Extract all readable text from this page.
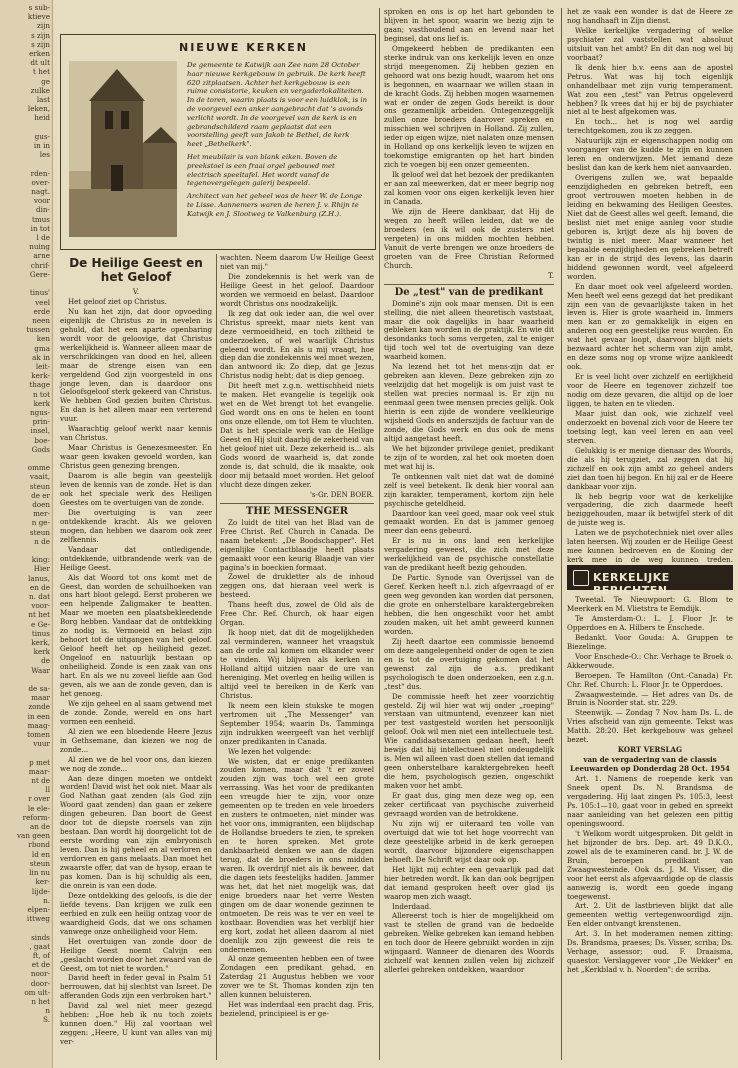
s sub-
ktieve
zijn
s zijn
s zijn
erken
dt ult
t het
ge
zulke
last
leken,
heid

gus-
in in
les

rden-
over-
nagt.
voor
din-
tmus
in tot
l de
nuing
arne
chrif-
Gere-

tinus'
veel
erde
neen
tussen
ken
gma
ak in
leit-
kerk-
thage
n tot
kerk
ngus-
prin-
insel,
boe-
Gods

omme
vaait,
steun
de er
doen
mer-
n ge-
steun
n de

king:
Hier
lanus,
en de
n. dat
voor-
nt het
e Ge-
tinus
kerk,
kerk
de
Waar

de sa-
maar
zonde
in een
maag-
tomen
vuur

p met
maar-
nt de
ll
r over
le ele-
reform-
an de
van geen
rbond
ld en
steun
lin nu
ker-
lijde-
n.
elpen-
ittweg

sinds
, gaat
ft, of
et de
noor-
door-
om ult-
n het
n
S.

NIEUWE KERKEN

De gemeente te Katwijk aan Zee nam 28 October haar nieuwe kerkgebouw in gebruik. De kerk heeft 620 zitplaatsen. Achter het kerkgebouw is een ruime consistorie, keuken en vergaderlokaliteiten. In de toren, waarin plaats is voor een luidklok, is in de voorgevel een anker aangebracht dat 's avonds verlicht wordt. In de voorgevel van de kerk is en gebrandschilderd raam geplaatst dat een voorstelling geeft van Jakob te Bethel, de kerk heet „Bethelkerk".

Het meubilair is van blank eiken. Boven de preekstoel is een fraai orgel gebouwd met electrisch speeltafel. Het wordt vanaf de tegenovergelegen galerij bespeeld.

Architect van het geheel was de heer W. de Longe te Lisse. Aannemers waren de heren J. v. Rhijn te Katwijk en J. Slootweg te Valkenburg (Z.H.).

De Heilige Geest en het Geloof

V.

Het geloof ziet op Christus.

Nu kan het zijn, dat door opvoeding eigenlijk de Christus zo in nevelen is gehuld, dat het een aparte openbaring wordt voor de geloovige, dat Christus werkelijkheid is. Wanneer alleen maar de verschrikkingen van dood en hel, alleen maar de strenge eisen van een vergeldend God zijn voorgesteld in ons jonge leven, dan is daardoor ons Geloofsgeloof sterk gekeerd van Christus. We hebben God gezien buiten Christus. En dan is het alleen maar een verterend vuur.

Waarachtig geloof werkt naar kennis van Christus.

Maar Christus is Genezesmeester. En waar geen kwaken gevoeld worden, kan Christus geen genezing brengen.

Daarom is alle begin van geestelijk leven de kennis van de zonde. Het is dan ook het speciale werk des Heiligen Geestes om te overtuigen van de zonde.

Die overtuiging is van zeer ontdekkende kracht. Als we geloven mogen, dan hebben we daarom ook zeer zelfkennis.

Vandaar dat ontledigende, ontdekkende, uitbrandende werk van de Heilige Geest.

Als dat Woord tot ons komt met de Geest, dan worden de schuilhoeken van ons hart bloot gelegd. Eerst proberen we een helpende Zaligmaker te beatten. Maar we moeten een plaatsbekleedende Borg hebben. Vandaar dat de ontdekking zo nodig is. Vermoeid en belast zijn behoort tot de uitgangen van het geloof. Geloof heeft het op heiligheid gezet. Ongeloof en natuurlijk bestaan op onheiligheid. Zonde is een zaak van ons hart. En als we nu zoveel liefde aan God geven, als we aan de zonde geven, dan is het genoeg.

We zijn geheel en al saam getwend met de zonde. Zonde, wereld en ons hart vormen een eenheid.

Al zien we een bloedende Heere Jezus in Gethsemane, dan kiezen we nog de zonde...

Al zien we de hel voor ons, dan kiezen we nog de zonde...

Aan deze dingen moeten we ontdekt worden! David wist het ook niet. Maar als God Nathan gaat zenden (als God zijn Woord gaat zenden) dan gaan er zekere dingen gebeuren. Dan boort de Geest door tot de diepste roersels van zijn bestaan. Dan wordt hij doorgelicht tot de eerste wording van zijn embryonisch leven. Dan is hij geheel en al verloren en verdorven en gans melaats. Dan moet het zwaarste offer, dat van de hysop, eraan te pas komen. Dan is hij schuldig als een, die onrein is van een dode.

Deze ontdekking des geloofs, is die der liefde tevens. Dan krijgen we zulk een eerbied en zulk een heilig ontzag voor de waardigheid Gods, dat we ons schamen vanwege onze onheiligheid voor Hem.

Het overtuigen van zonde door de Heilige Geest noemt Calvijn een „geslacht worden door het zwaard van de Geest, om tot niet te worden."

David heeft in feder geval in Psalm 51 berrouwen, dat hij slechtst van Isreet. De afferanden Gods zijn een verbroken hart."

David zal wel niet meer gezegd hebben: „Hoe heb ik nu toch zoiets kunnen doen." Hij zal voortaan wel zeggen: „Heere, U kunt van alles van mij ver-

wachten. Neem daarom Uw Heilige Geest niet van mij."

Die zondekennis is het werk van de Heilige Geest in het geloof. Daardoor worden we vermoeid en belast. Daardoor wordt Christus ons noodzakelijk.

Ik zeg dat ook ieder aan, die wel over Christus spreekt, maar niets kent van deze vermoeidheid, en toch ziltheid te onderzoeken, of wel waarlijk Christus geleend wordt. En als u mij vraagt, hoe diep dan die zondekennis wel moet wezen, dan antwoord ik: Zo diep, dat ge Jezus Christus nodig hebt; dat is diep genoeg.

Dit heeft met z.g.n. wettischheid niets te maken. Het evangelie is tegelijk ook wet en de Wet brengt tot het evangelie. God wordt ons en ons te helen en toont ons onze ellende, om tot Hem te vluchten. Dat is het speciale werk van de Heilige Geest en Hij sluit daarbij de zekerheid van het geloof niet uit. Deze zekerheid is... als Gods woord de waarheid is, dat zonde zonde is, dat schuld, die ik maakte, ook door mij betaald moet worden. Het geloof vlucht deze dingen zeker.

's-Gr. DEN BOER.

THE MESSENGER

Zo luidt de titel van het Blad van de Free Christ. Ref. Church in Canada. De naam betekent: „De Boodschapper". Het eigenlijke Contactblaadje heeft plaats gemaakt voor een keurig Blaadje van vier pagina's in boeckien formaat.

Zowel de drukletter als de inhoud zeggen ons, dat hieraan veel werk is besteed.

Thans heeft dus, zowel de Old als de Free Chr. Ref. Church, ok haar eigen Organ.

Ik hoop niet, dat dit de mogelijkheden zal verminderen, wanneer het vraagstuk aan de orde zal komen om elkander weer te vinden. Wij blijven als kerken in Holland altijd uitzien naar de ure van hereniging. Met overleg en heilig willen is altijd veel te bereiken in de Kerk van Christus.

Ik neem een klein stukske te mogen vertromen uit „The Messenger" van September 1954; waarin Ds. Tamminga zijn indrukken weergeeft van het verblijf onzer predikanten in Canada.

We lezen het volgende:

We wisten, dat er enige predikanten zouden komen, maar dat 't er zoveel zouden zijn was toch wel een grote verrassing. Was het voor de predikanten een vreugde hier te zijn, voor onze gemeenten op te treden en vele broeders en zusters te ontmoeten, niet minder was het voor ons, immigranten, een blijdschap de Hollandse broeders te zien, te spreken en te horen spreken. Met grote dankbaarheid denken we aan de dagen terug, dat de broeders in ons midden waren. Ik overdrijf niet als ik beweer, dat die dagen iets feestelijks hadden. Jammer was het, dat het niet mogelijk was, dat enige broeders naar het verre Westen gingen om de daar wonende gezinnen te ontmoeten. De reis was te ver en veel te kostbaar. Bovendien was het verblijf hier erg kort, zodat het alleen daarom al niet doenlijk zou zijn geweest die reis te ondernemen.

Al onze gemeenten hebben een of twee Zondagen een predikant gehad, en Zaterdag 21 Augustus hebben we voor zover we te St. Thomas konden zijn ten allen kunnen beluisteren.

Het was inderdaal een pracht dag. Fris, bezielend, principieel is er ge-

sproken en ons is op het hart gebonden te blijven in het spoor, waarin we bezig zijn te gaan; vasthoudend aan en levend naar het beginsel, dat ons lief is.

Omgekeerd hebben de predikanten een sterke indruk van ons kerkelijk leven en onze strijd meegenomen. Zij hebben gezien en gehoord wat ons bezig houdt, waarom het ons is begonnen, en waarnaar we willen staan in de kracht Gods. Zij hebben mogen waarnemen wat er onder de zegen Gods bereikt is door ons gezamenlijk arbeiden. Ontegenzeggelijk zullen onze broeders daarover spreken en misschien wel schrijven in Holland. Zij zullen, ieder op eigen wijze, niet nalaten onze mensen in Holland op ons kerkelijk leven te wijzen en toekomstige emigranten op het hart binden zich te voegen bij een onzer gemeenten.

Ik geloof wel dat het bezoek der predikanten er aan zal meewerken, dat er meer begrip nog zal komen voor ons eigen kerkelijk leven hier in Canada.

We zijn de Heere dankbaar, dat Hij de wegen zo heeft willen leiden, dat we de broeders (en ik wil ook de zusters niet vergeten) in ons midden mochten hebben. Vanuit de verte brengen we onze broeders de groeten van de Free Christian Reformed Church.

T.

De „test" van de predikant

Dominé's zijn ook maar mensen. Dit is een stelling, die niet alleen theoretisch vaststaat, maar die ook dagelijks in haar waarheid gebleken kan worden in de praktijk. En wie dit desondanks toch soms vergeten, zal te eniger tijd toch wel tot de overtuiging van deze waarheid komen.

Na lezend het tot het mens-zijn dat er gebreken aan kleven. Deze gebreken zijn zo veelzijdig dat het mogelijk is om juist vast te stellen wat precies normaal is. Er zijn nu eenmaal geen twee mensen precies gelijk. Ook hierin is een zijde de wondere veelkleurige wijsheid Gods en anderszijds de factuur van de zonde, die Gods werk en dus ook de mens altijd aangetast heeft.

We het bijzonder privilege geniet, predikant te zijn of te worden, zal het ook moeten doen met wat hij is.

Te ontkennen valt niet dat wat de dominé zelf is veel betekent. Ik denk hier vooral aan zijn karakter, temperament, kortom zijn hele psychische geteldheid.

Daardoor kan veel goed, maar ook veel stuk gemaakt worden. En dat is jammer genoeg meer dan eens gebeurd.

Er is nu in ons land een kerkelijke vergadering geweest, die zich met deze werkelijkheid van de psychische constellatie van de predikant heeft bezig gehouden.

De Partic. Synode van Overijssel van de Geref. Kerken heeft n.l. zich afgevraagd of er geen weg gevonden kan worden dat personen, die grote en onherstelbare karaktergebreken hebben, die hen ongeschikt voor het ambt zouden maken, uit het ambt geweerd kunnen worden.

Zij heeft daartoe een commissie benoemd om deze aangelegenheid onder de ogen te zien en is tot de overtuiging gekomen dat het gewenst zal zijn de a.s. predikant psychologisch te doen onderzoeken, een z.g.n. „test" dus.

De commissie heeft het zeer voorzichtig gesteld. Zij wil hier wat wij onder „roeping" verstaan van uitmuntend, evenzeer kan niet per test vastgesteld worden het persoonlijk geloof. Ook wil men niet een intellectuele test. Wie candidaatsexamen gedaan heeft, heeft bewijs dat hij intellectueel niet ondeugdelijk is. Men wil alleen vast doen stellen dat iemand geen onherstelbare karaktergebreken heeft die hem, psychologisch gezien, ongeschikt maken voor het ambt.

Er gaat dus, ging men deze weg op, een zeker certificaat van psychische zuiverheid gevraagd worden van de betrokkene.

Nu zijn wij er uiteraard ten volle van overtuigd dat wie tot het hoge voorrecht van deze geestelijke arbeid in de kerk geroepen wordt, daarvoor bijzondere eigenschappen behoeft. De Schrift wijst daar ook op.

Het lijkt mij echter een gevaarlijk pad dat hier betreden wordt. Ik kan dan ook begrijpen dat iemand gesproken heeft over glad ijs waarop men zich waagt.

Inderdaad.

Allereerst toch is hier de mogelijkheid om vast te stellen de grand van de bedoelde gebreken. Welke gebreken kan iemand hebben en toch door de Heere gebruikt worden in zijn wijngaard. Wanneer de dienaren des Woords zichzelf wat kennen zullen velen bij zichzelf allerlei gebreken ontdekken, waardoor

het ze vaak een wonder is dat de Heere ze nog handhaaft in Zijn dienst.

Welke kerkelijke vergadering of welke psychiater zal vaststellen wat absoluut uitsluit van het ambt? En dit dan nog wel bij voorbaat?

Ik denk hier b.v. eens aan de apostel Petrus. Wat was hij toch eigenlijk onhandelbaar met zijn vurig temperament. Wat zou een „test" van Petrus opgeleverd hebben? Ik vrees dat hij er bij de psychiater niet al te best afgekomen was.

En toch... het is nog wel aardig terechtgekomen, zou ik zo zeggen.

Natuurlijk zijn er eigenschappen nodig om voorganger van de kudde te zijn en kunnen leren en onderwijzen. Met iemand deze beslist dan kan de kerk hem niet aanvaarden.

Overigens zullen we, wat bepaalde eenzijdigheden en gebreken betreft, een groot vertrouwen moeten hebben in de leiding en bekwaming des Heiligen Geestes. Niet dat de Geest alles wel geeft. Iemand, die beslist niet met enige aanleg voor studie geboren is, krijgt deze als hij boven de twintig is niet meer. Maar wanneer het bepaalde eenzijdigheden en gebreken betreft kan er in de strijd des levens, las daarin biddend gewonnen wordt, veel afgeleerd worden.

En daar moet ook veel afgeleerd worden. Men heeft wel eens gezegd dat het predikant zijn een van de gevaarlijkste taken in het leven is. Hier is grote waarheid in. Immers men kan er zo gemakkelijk in eigen en anderen oog een geestelijke reus worden. En wat het gevaar loopt, daarvoor blijft niets bezwaard achter het scherm van zijn ambt, en deze soms nog op vrome wijze aankleedt ook.

Er is veel licht over zichzelf en eerlijkheid voor de Heere en tegenover zichzelf toe nodig om deze gevaren, die altijd op de loer liggen, te haten en te vlieden.

Maar juist dan ook, wie zichzelf veel onderzoekt en bovenal zich voor de Heere ter toetsing legt, kan veel leren en aan veel sterven.

Gelukkig is er menige dienaar des Woords, die als hij terugziet, zal zeggen dat hij zichzelf en ook zijn ambt zo geheel anders ziet dan toen hij begon. En hij zal er de Heere dankbaar voor zijn.

Ik heb begrip voor wat de kerkelijke vergadering, die zich daarmede heeft beziggehouden, maar ik betwijfel sterk of dit de juiste weg is.

Laten we de psychotechniek niet over alles laten heersen. Wij zouden er de Heilige Geest mee kunnen bedroeven en de Koning der kerk mee in de weg kunnen treden.

KERKELIJKE BERICHTEN

Tweetal. Te Nieuwpoort: G. Blom te Meerkerk en M. Vlietstra te Eemdijk.

Te Amsterdam-O.: L. J. Floor Jr. te Opperdoes en A. Hilbers te Enschede.

Bedankt. Voor Gouda: A. Gruppen te Biezelinge.

Voor Enschede-O.: Chr. Verhage te Broek o. Akkerwoude.

Beroepen. Te Hamilton (Ont.-Canada) Fr. Chr. Ref. Church: L. Floor Jr. te Opperdoes.

Zwaagwesteinde. — Het adres van Ds. de Bruin is Noorder stat. str. 229.

Steenwijk. — Zondag 7 Nov. ham Ds. L. de Vries afscheid van zijn gemeente. Tekst was Matth. 28:20. Het kerkgebouw was geheel bezet.

KORT VERSLAG

van de vergadering van de classis Leeuwarden op Donderdag 28 Oct. 1954

Art. 1. Namens de roepende kerk van Sneek opent Ds. N. Brandsma de vergadering. Hij laat zingen Ps. 105:3, leest Ps. 105:1—10, gaat voor in gebed en spreekt naar aanleiding van het gelezen een pittig openingswoord.

't Welkom wordt uitgesproken. Dit geldt in het bijzonder de brs. Dep. art. 49 D.K.O., zowel als de te examineren cand. br. J. W. de Bruin, beroepen predikant van Zwaagwesteinde. Ook ds. J. M. Visser, die voor het eerst als afgevaardigde op de classis aanwezig is, wordt een goede ingang toegewenst.

Art. 2. Uit de lastbrieven blijkt dat alle gemeenten wettig vertegenwoordigd zijn. Een elder ontvangt krenstenen.

Art. 3. In het moderamen nemen zitting: Ds. Brandsma, praeses; Ds. Visser, scriba; Ds. Verhage, assessor; oud. F. Draaisma, quaestor. Verslaggever voor „De Wekker" en het „Kerkblad v. h. Noorden": de scriba.
